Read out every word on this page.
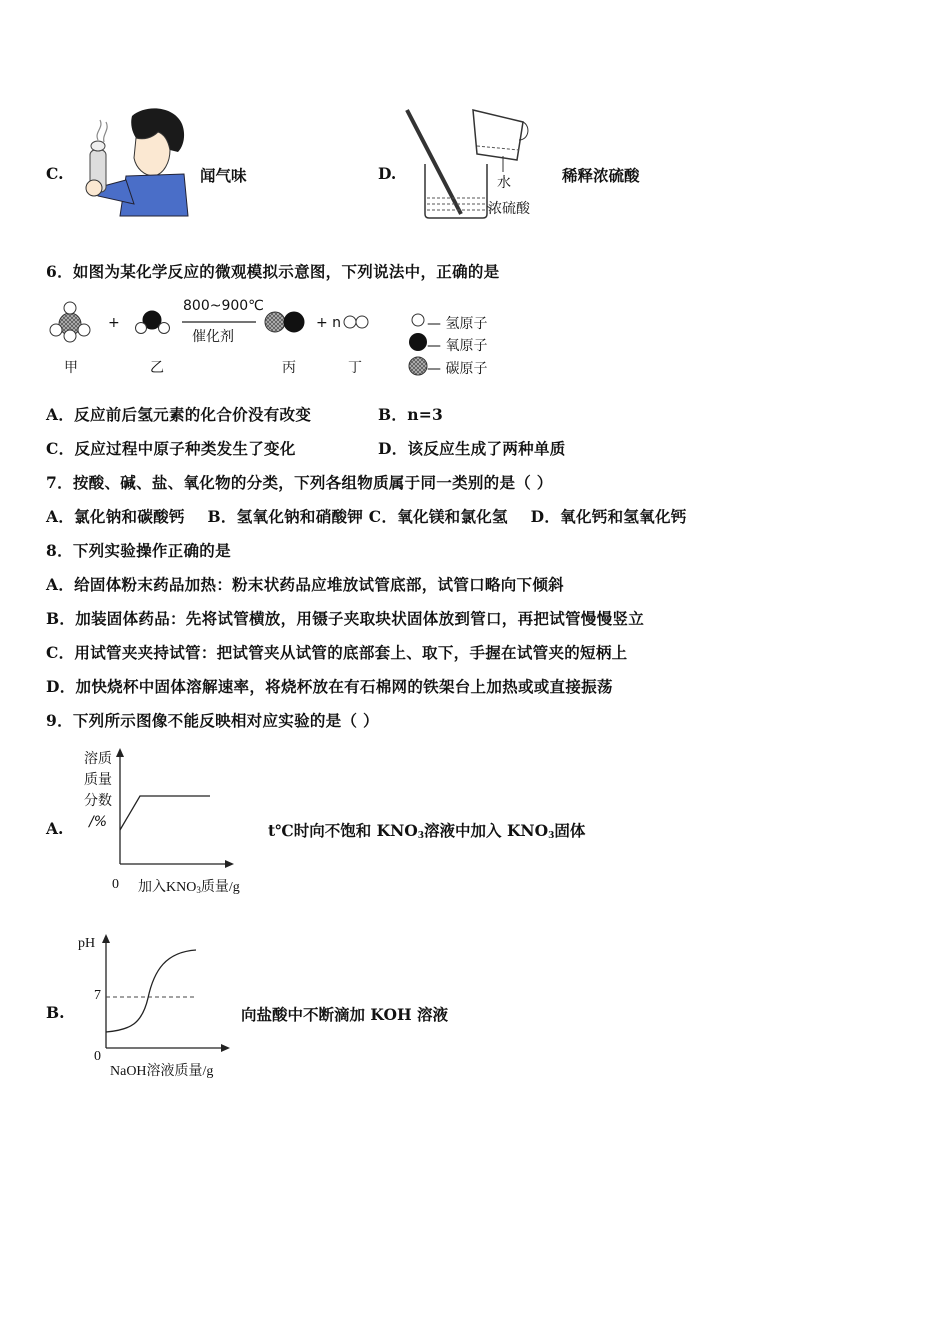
C.	闻气味	D.	水
浓硫酸
稀释浓硫酸
6．如图为某化学反应的微观模拟示意图，下列说法中，正确的是
+
800~900℃
催化剂
+ n
甲	乙	丙	丁
— 氢原子
— 氧原子
— 碳原子
A．反应前后氢元素的化合价没有改变	B．n=3
C．反应过程中原子种类发生了变化	D．该反应生成了两种单质
7．按酸、碱、盐、氧化物的分类，下列各组物质属于同一类别的是（ ）
A．氯化钠和碳酸钙    B．氢氧化钠和硝酸钾 C．氧化镁和氯化氢    D．氧化钙和氢氧化钙
8．下列实验操作正确的是
A．给固体粉末药品加热：粉末状药品应堆放试管底部，试管口略向下倾斜
B．加装固体药品：先将试管横放，用镊子夹取块状固体放到管口，再把试管慢慢竖立
C．用试管夹夹持试管：把试管夹从试管的底部套上、取下，手握在试管夹的短柄上
D．加快烧杯中固体溶解速率，将烧杯放在有石棉网的铁架台上加热或或直接振荡
9．下列所示图像不能反映相对应实验的是（ ）
A.
溶质
质量
分数
/%
0 加入$KNO_3$质量/g
t℃时向不饱和 $KNO_3$溶液中加入 $KNO_3$固体
B.
pH
7
0
NaOH溶液质量/g
向盐酸中不断滴加 KOH 溶液
